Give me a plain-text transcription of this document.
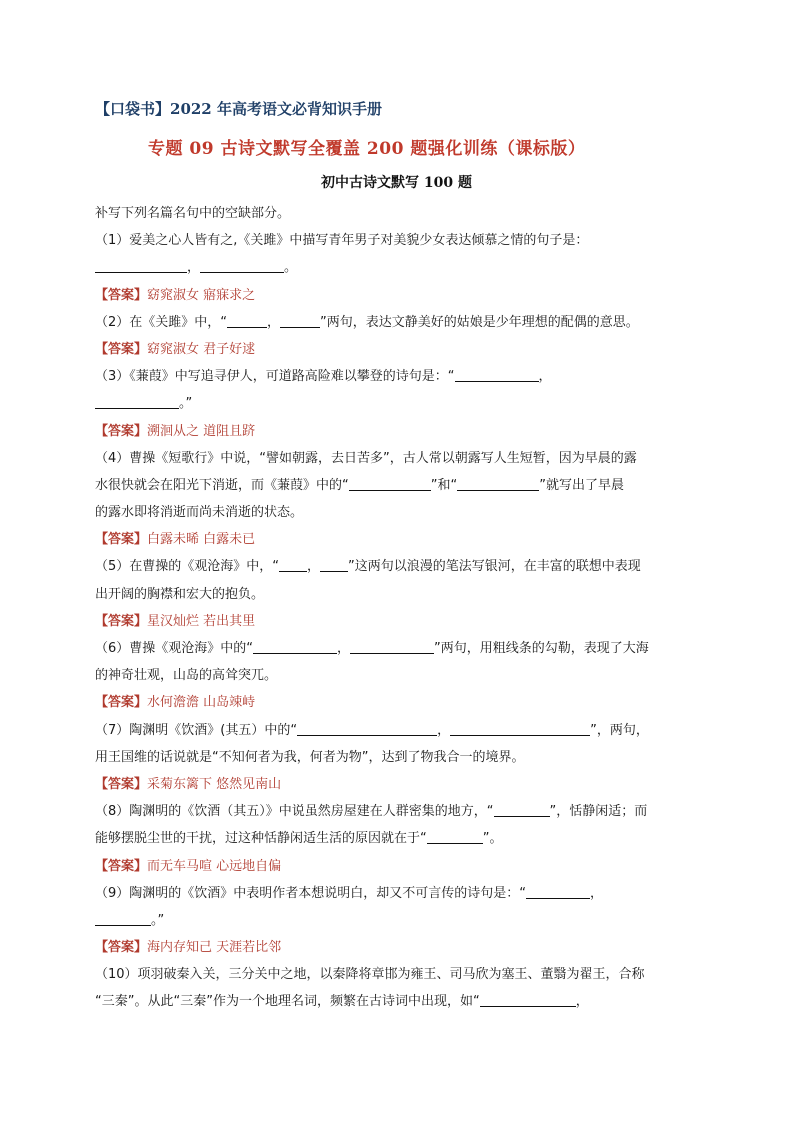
【口袋书】2022 年高考语文必背知识手册
专题 09 古诗文默写全覆盖 200 题强化训练（课标版）
初中古诗文默写 100 题
补写下列名篇名句中的空缺部分。
（1）爱美之心人皆有之,《关雎》中描写青年男子对美貌少女表达倾慕之情的句子是：
，	。
【答案】窈窕淑女 寤寐求之
（2）在《关雎》中，“	，	”两句，表达文静美好的姑娘是少年理想的配偶的意思。
【答案】窈窕淑女 君子好逑
（3）《蒹葭》中写追寻伊人，可道路高险难以攀登的诗句是：“	，
。”
【答案】溯洄从之 道阻且跻
（4）曹操《短歌行》中说，“譬如朝露，去日苦多”，古人常以朝露写人生短暂，因为早晨的露
水很快就会在阳光下消逝，而《蒹葭》中的“	”和“	”就写出了早晨
的露水即将消逝而尚未消逝的状态。
【答案】白露未晞 白露未已
（5）在曹操的《观沧海》中，“ ， ”这两句以浪漫的笔法写银河，在丰富的联想中表现
出开阔的胸襟和宏大的抱负。
【答案】星汉灿烂 若出其里
（6）曹操《观沧海》中的“	，	”两句，用粗线条的勾勒，表现了大海
的神奇壮观，山岛的高耸突兀。
【答案】水何澹澹 山岛竦峙
（7）陶渊明《饮酒》(其五）中的“	，	”，两句，
用王国维的话说就是“不知何者为我，何者为物”，达到了物我合一的境界。
【答案】采菊东篱下 悠然见南山
（8）陶渊明的《饮酒（其五）》中说虽然房屋建在人群密集的地方，“	”，恬静闲适；而
能够摆脱尘世的干扰，过这种恬静闲适生活的原因就在于“	”。
【答案】而无车马喧 心远地自偏
（9）陶渊明的《饮酒》中表明作者本想说明白，却又不可言传的诗句是：“	，
。”
【答案】海内存知己 天涯若比邻
（10）项羽破秦入关，三分关中之地，以秦降将章邯为雍王、司马欣为塞王、董翳为翟王，合称
“三秦”。从此“三秦”作为一个地理名词，频繁在古诗词中出现，如“	，
